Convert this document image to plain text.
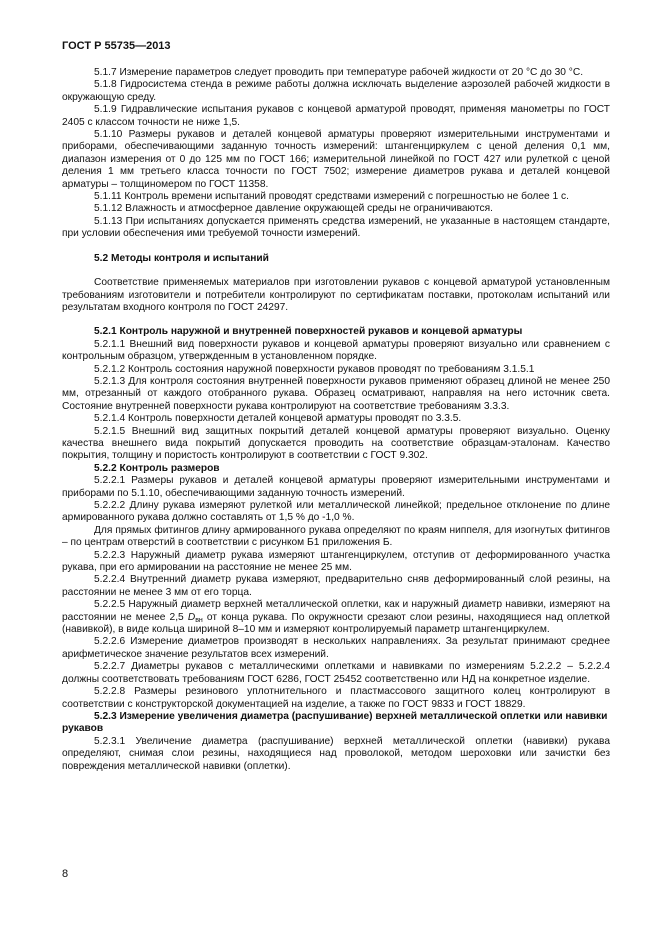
ГОСТ Р 55735—2013

5.1.7 Измерение параметров следует проводить при температуре рабочей жидкости от 20 °С до 30 °С.

5.1.8 Гидросистема стенда в режиме работы должна исключать выделение аэрозолей рабочей жидкости в окружающую среду.

5.1.9 Гидравлические испытания рукавов с концевой арматурой проводят, применяя манометры по ГОСТ 2405 с классом точности не ниже 1,5.

5.1.10 Размеры рукавов и деталей концевой арматуры проверяют измерительными инструментами и приборами, обеспечивающими заданную точность измерений: штангенциркулем с ценой деления 0,1 мм, диапазон измерения от 0 до 125 мм по ГОСТ 166; измерительной линейкой по ГОСТ 427 или рулеткой с ценой деления 1 мм третьего класса точности по ГОСТ 7502; измерение диаметров рукава и деталей концевой арматуры – толщиномером по ГОСТ 11358.

5.1.11 Контроль времени испытаний проводят средствами измерений с погрешностью не более 1 с.

5.1.12 Влажность и атмосферное давление окружающей среды не ограничиваются.

5.1.13 При испытаниях допускается применять средства измерений, не указанные в настоящем стандарте, при условии обеспечения ими требуемой точности измерений.

5.2 Методы контроля и испытаний

Соответствие применяемых материалов при изготовлении рукавов с концевой арматурой установленным требованиям изготовители и потребители контролируют по сертификатам поставки, протоколам испытаний или результатам входного контроля по ГОСТ 24297.

5.2.1 Контроль наружной и внутренней поверхностей рукавов и концевой арматуры

5.2.1.1 Внешний вид поверхности рукавов и концевой арматуры проверяют визуально или сравнением с контрольным образцом, утвержденным в установленном порядке.

5.2.1.2 Контроль состояния наружной поверхности рукавов проводят по требованиям 3.1.5.1

5.2.1.3 Для контроля состояния внутренней поверхности рукавов применяют образец длиной не менее 250 мм, отрезанный от каждого отобранного рукава. Образец осматривают, направляя на него источник света. Состояние внутренней поверхности рукава контролируют на соответствие требованиям 3.3.3.

5.2.1.4 Контроль поверхности деталей концевой арматуры проводят по 3.3.5.

5.2.1.5 Внешний вид защитных покрытий деталей концевой арматуры проверяют визуально. Оценку качества внешнего вида покрытий допускается проводить на соответствие образцам-эталонам. Качество покрытия, толщину и пористость контролируют в соответствии с ГОСТ 9.302.

5.2.2 Контроль размеров

5.2.2.1 Размеры рукавов и деталей концевой арматуры проверяют измерительными инструментами и приборами по 5.1.10, обеспечивающими заданную точность измерений.

5.2.2.2 Длину рукава измеряют рулеткой или металлической линейкой; предельное отклонение по длине армированного рукава должно составлять от 1,5 % до -1,0 %.

Для прямых фитингов длину армированного рукава определяют по краям ниппеля, для изогнутых фитингов – по центрам отверстий в соответствии с рисунком Б1 приложения Б.

5.2.2.3 Наружный диаметр рукава измеряют штангенциркулем, отступив от деформированного участка рукава, при его армировании на расстояние не менее 25 мм.

5.2.2.4 Внутренний диаметр рукава измеряют, предварительно сняв деформированный слой резины, на расстоянии не менее 3 мм от его торца.

5.2.2.5 Наружный диаметр верхней металлической оплетки, как и наружный диаметр навивки, измеряют на расстоянии не менее 2,5 $D_{вн}$ от конца рукава. По окружности срезают слои резины, находящиеся над оплеткой (навивкой), в виде кольца шириной 8–10 мм и измеряют контролируемый параметр штангенциркулем.

5.2.2.6 Измерение диаметров производят в нескольких направлениях. За результат принимают среднее арифметическое значение результатов всех измерений.

5.2.2.7 Диаметры рукавов с металлическими оплетками и навивками по измерениям 5.2.2.2 – 5.2.2.4 должны соответствовать требованиям ГОСТ 6286, ГОСТ 25452 соответственно или НД на конкретное изделие.

5.2.2.8 Размеры резинового уплотнительного и пластмассового защитного колец контролируют в соответствии с конструкторской документацией на изделие, а также по ГОСТ 9833 и ГОСТ 18829.

5.2.3 Измерение увеличения диаметра (распушивание) верхней металлической оплетки или навивки рукавов

5.2.3.1 Увеличение диаметра (распушивание) верхней металлической оплетки (навивки) рукава определяют, снимая слои резины, находящиеся над проволокой, методом шероховки или зачистки без повреждения металлической навивки (оплетки).

8
